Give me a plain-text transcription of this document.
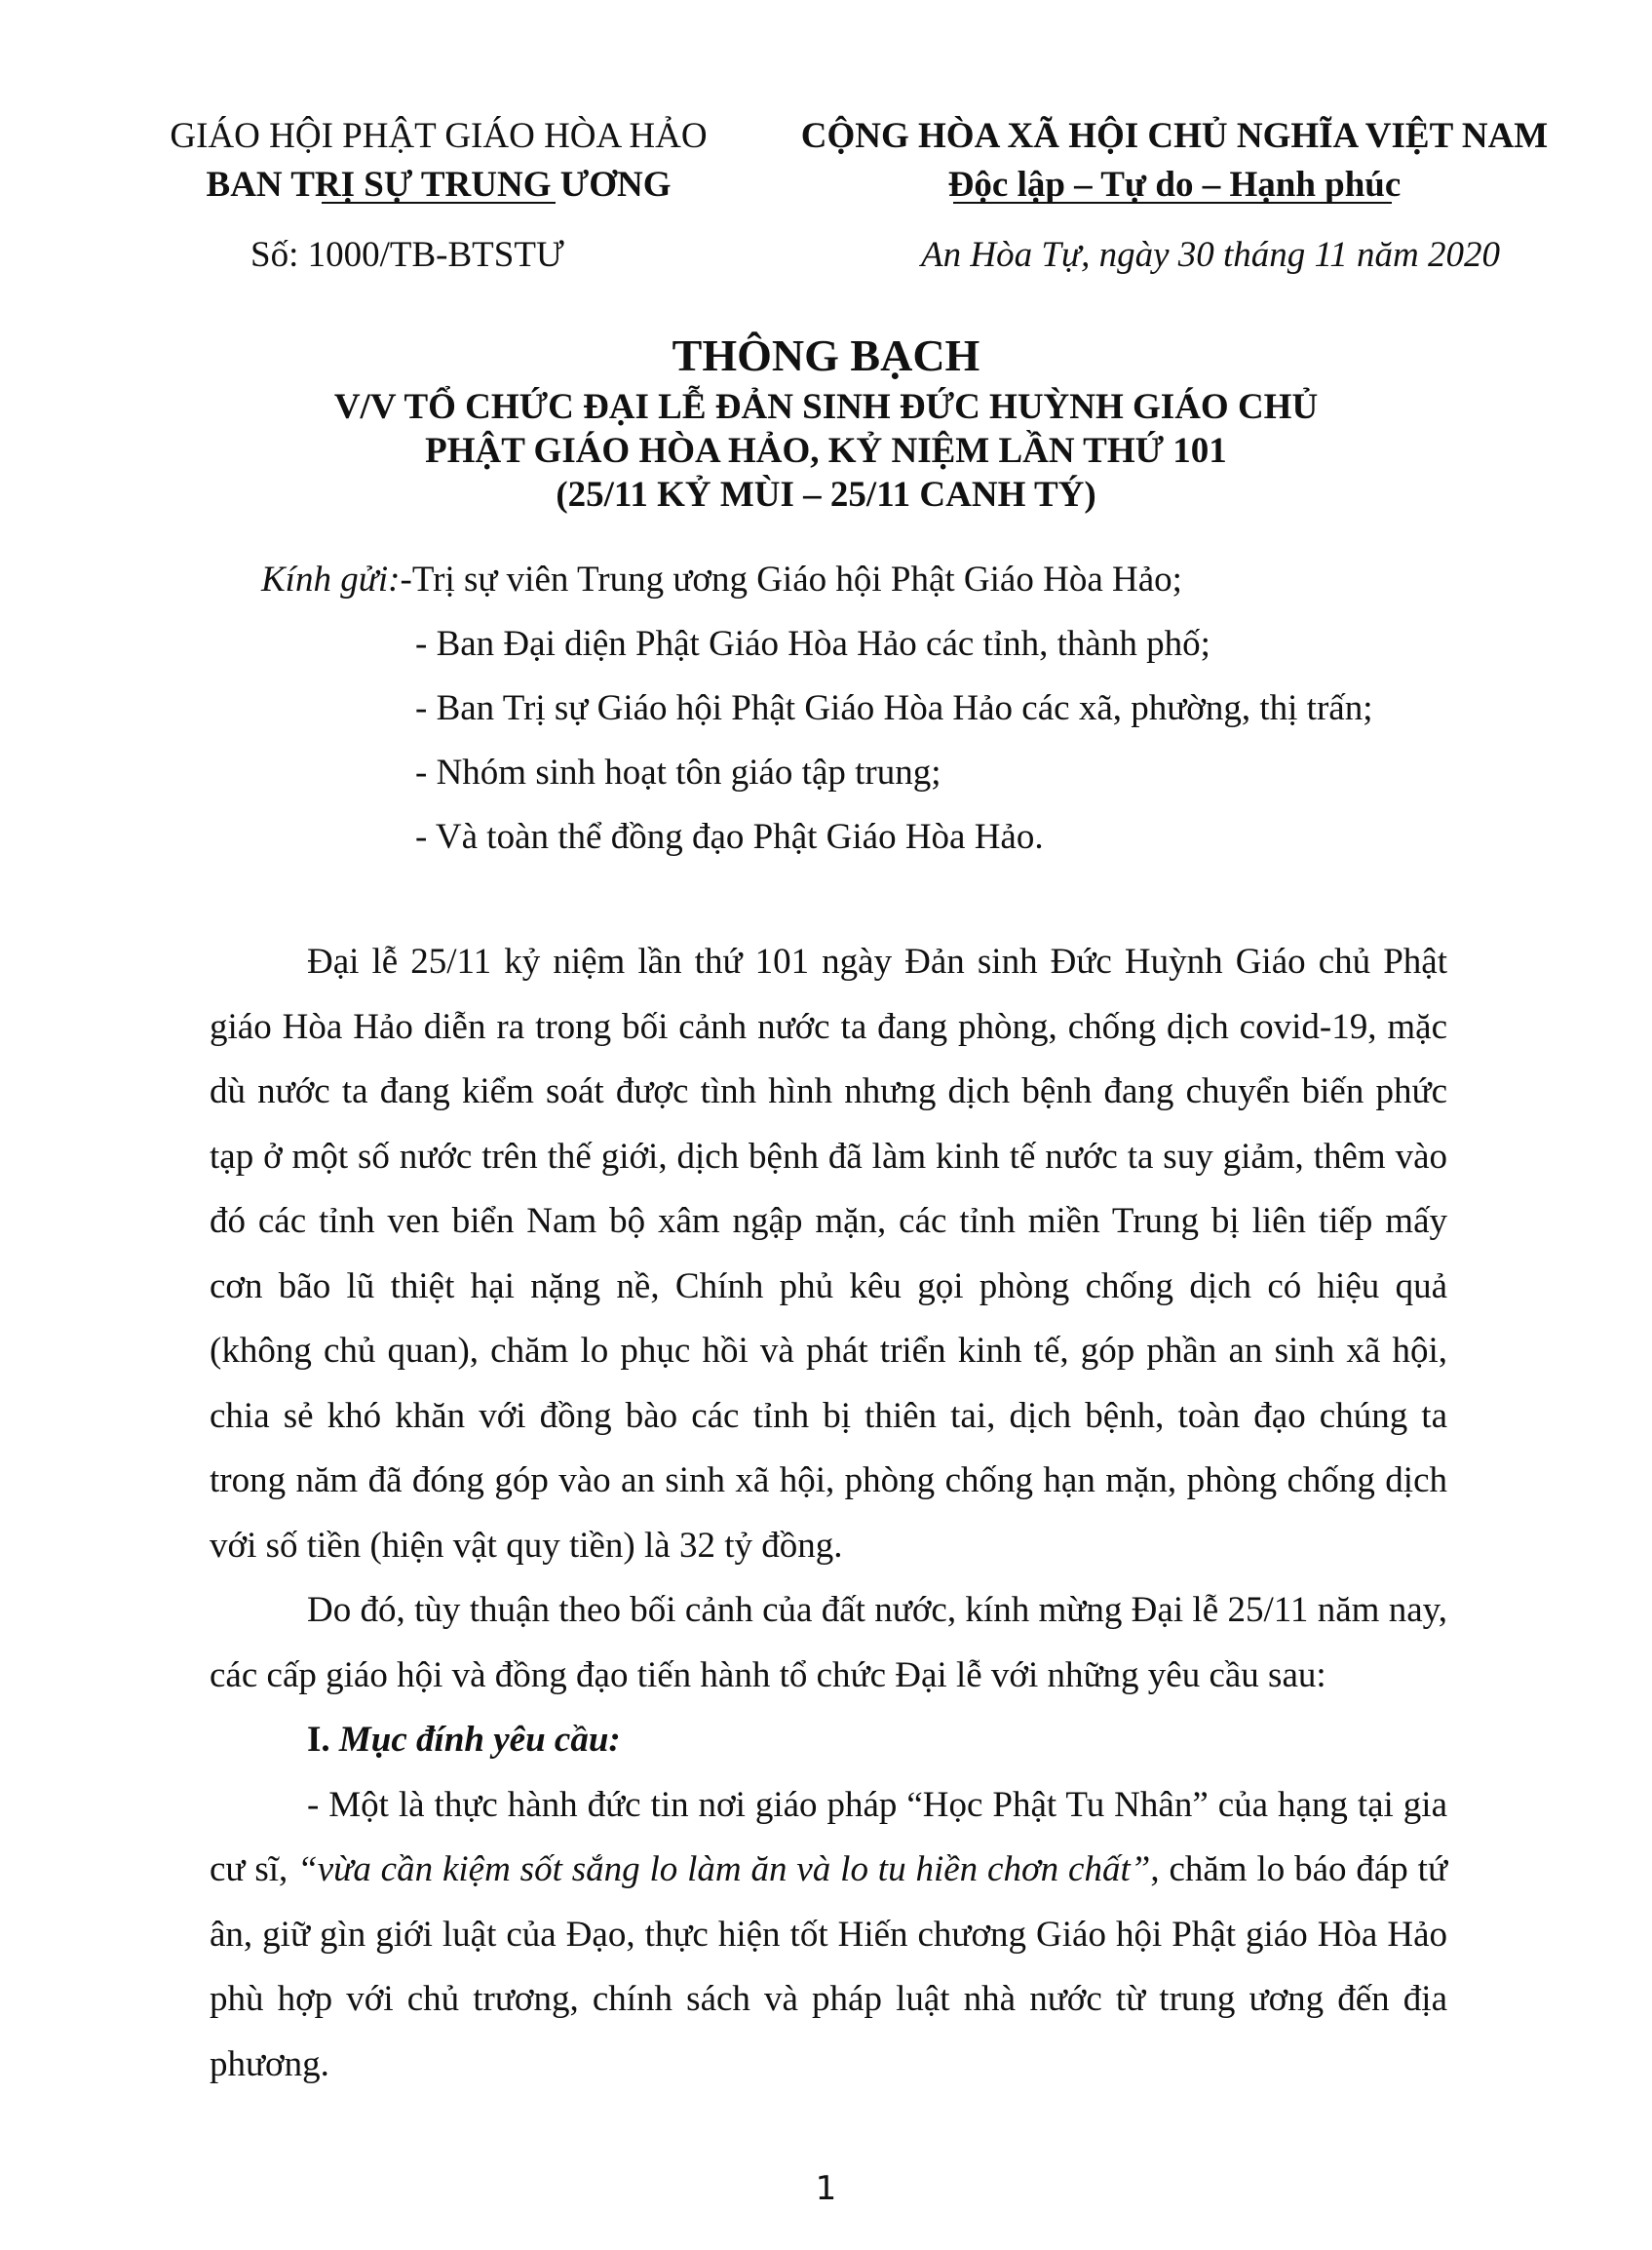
GIÁO HỘI PHẬT GIÁO HÒA HẢO
BAN TRỊ SỰ TRUNG ƯƠNG
CỘNG HÒA XÃ HỘI CHỦ NGHĨA VIỆT NAM
Độc lập – Tự do – Hạnh phúc
Số: 1000/TB-BTSTƯ	An Hòa Tự, ngày 30 tháng 11 năm 2020
THÔNG BẠCH
V/V TỔ CHỨC ĐẠI LỄ ĐẢN SINH ĐỨC HUỲNH GIÁO CHỦ
PHẬT GIÁO HÒA HẢO, KỶ NIỆM LẦN THỨ 101
(25/11 KỶ MÙI – 25/11 CANH TÝ)
Kính gửi:-Trị sự viên Trung ương Giáo hội Phật Giáo Hòa Hảo;
- Ban Đại diện Phật Giáo Hòa Hảo các tỉnh, thành phố;
- Ban Trị sự Giáo hội Phật Giáo Hòa Hảo các xã, phường, thị trấn;
- Nhóm sinh hoạt tôn giáo tập trung;
- Và toàn thể đồng đạo Phật Giáo Hòa Hảo.

Đại lễ 25/11 kỷ niệm lần thứ 101 ngày Đản sinh Đức Huỳnh Giáo chủ Phật giáo Hòa Hảo diễn ra trong bối cảnh nước ta đang phòng, chống dịch covid-19, mặc dù nước ta đang kiểm soát được tình hình nhưng dịch bệnh đang chuyển biến phức tạp ở một số nước trên thế giới, dịch bệnh đã làm kinh tế nước ta suy giảm, thêm vào đó các tỉnh ven biển Nam bộ xâm ngập mặn, các tỉnh miền Trung bị liên tiếp mấy cơn bão lũ thiệt hại nặng nề, Chính phủ kêu gọi phòng chống dịch có hiệu quả (không chủ quan), chăm lo phục hồi và phát triển kinh tế, góp phần an sinh xã hội, chia sẻ khó khăn với đồng bào các tỉnh bị thiên tai, dịch bệnh, toàn đạo chúng ta trong năm đã đóng góp vào an sinh xã hội, phòng chống hạn mặn, phòng chống dịch với số tiền (hiện vật quy tiền) là 32 tỷ đồng.

Do đó, tùy thuận theo bối cảnh của đất nước, kính mừng Đại lễ 25/11 năm nay, các cấp giáo hội và đồng đạo tiến hành tổ chức Đại lễ với những yêu cầu sau:

I. Mục đính yêu cầu:

- Một là thực hành đức tin nơi giáo pháp “Học Phật Tu Nhân” của hạng tại gia cư sĩ, “vừa cần kiệm sốt sắng lo làm ăn và lo tu hiền chơn chất”, chăm lo báo đáp tứ ân, giữ gìn giới luật của Đạo, thực hiện tốt Hiến chương Giáo hội Phật giáo Hòa Hảo phù hợp với chủ trương, chính sách và pháp luật nhà nước từ trung ương đến địa phương.

1
